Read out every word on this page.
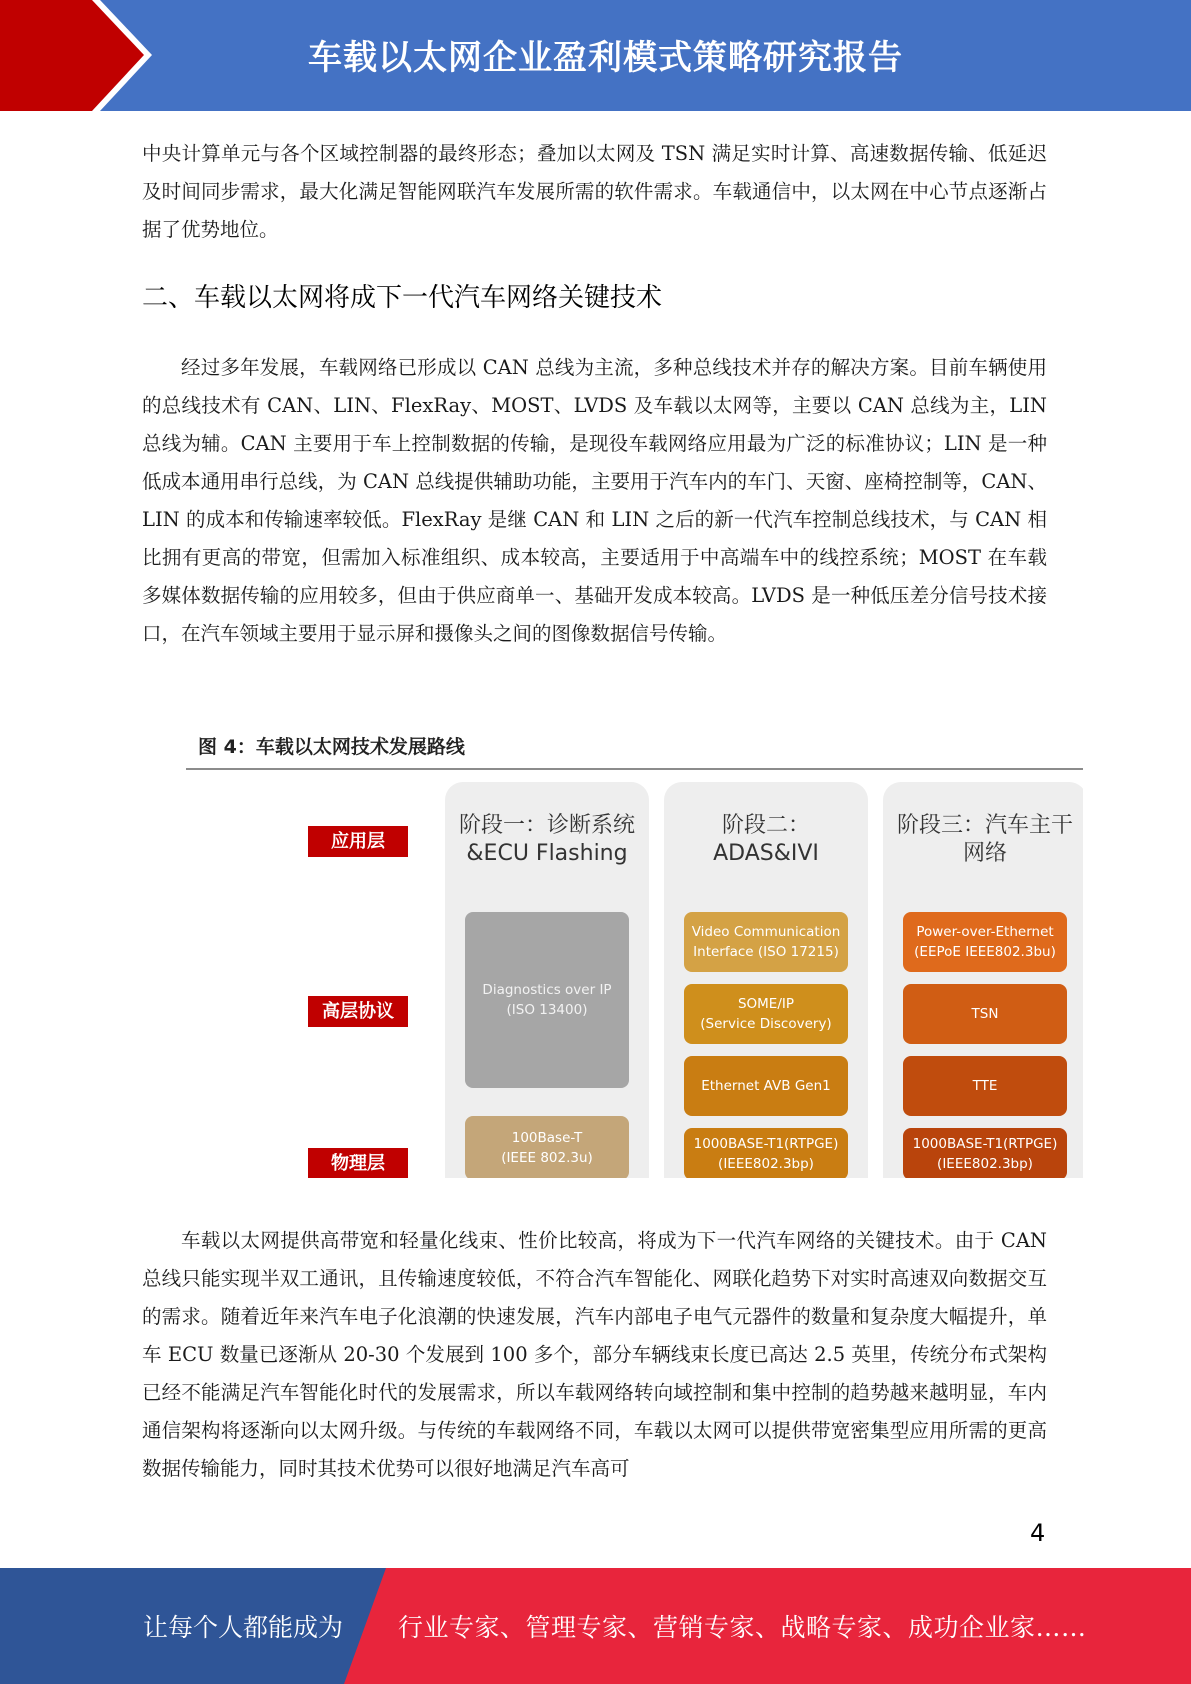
车载以太网企业盈利模式策略研究报告

中央计算单元与各个区域控制器的最终形态；叠加以太网及 TSN 满足实时计算、高速数据传输、低延迟及时间同步需求，最大化满足智能网联汽车发展所需的软件需求。车载通信中，以太网在中心节点逐渐占据了优势地位。

二、车载以太网将成下一代汽车网络关键技术

经过多年发展，车载网络已形成以 CAN 总线为主流，多种总线技术并存的解决方案。目前车辆使用的总线技术有 CAN、LIN、FlexRay、MOST、LVDS 及车载以太网等，主要以 CAN 总线为主，LIN 总线为辅。CAN 主要用于车上控制数据的传输，是现役车载网络应用最为广泛的标准协议；LIN 是一种低成本通用串行总线，为 CAN 总线提供辅助功能，主要用于汽车内的车门、天窗、座椅控制等，CAN、LIN 的成本和传输速率较低。FlexRay 是继 CAN 和 LIN 之后的新一代汽车控制总线技术，与 CAN 相比拥有更高的带宽，但需加入标准组织、成本较高，主要适用于中高端车中的线控系统；MOST 在车载多媒体数据传输的应用较多，但由于供应商单一、基础开发成本较高。LVDS 是一种低压差分信号技术接口，在汽车领域主要用于显示屏和摄像头之间的图像数据信号传输。

图 4：车载以太网技术发展路线
应用层
高层协议
物理层
阶段一：诊断系统
&ECU Flashing
Diagnostics over IP
(ISO 13400)
100Base-T
(IEEE 802.3u)
阶段二：
ADAS&IVI
Video Communication
Interface (ISO 17215)
SOME/IP
(Service Discovery)
Ethernet AVB Gen1
1000BASE-T1(RTPGE)
(IEEE802.3bp)
阶段三：汽车主干
网络
Power-over-Ethernet
(EEPoE IEEE802.3bu)
TSN
TTE
1000BASE-T1(RTPGE)
(IEEE802.3bp)

车载以太网提供高带宽和轻量化线束、性价比较高，将成为下一代汽车网络的关键技术。由于 CAN 总线只能实现半双工通讯，且传输速度较低，不符合汽车智能化、网联化趋势下对实时高速双向数据交互的需求。随着近年来汽车电子化浪潮的快速发展，汽车内部电子电气元器件的数量和复杂度大幅提升，单车 ECU 数量已逐渐从 20-30 个发展到 100 多个，部分车辆线束长度已高达 2.5 英里，传统分布式架构已经不能满足汽车智能化时代的发展需求，所以车载网络转向域控制和集中控制的趋势越来越明显，车内通信架构将逐渐向以太网升级。与传统的车载网络不同，车载以太网可以提供带宽密集型应用所需的更高数据传输能力，同时其技术优势可以很好地满足汽车高可

4
让每个人都能成为 行业专家、管理专家、营销专家、战略专家、成功企业家……
